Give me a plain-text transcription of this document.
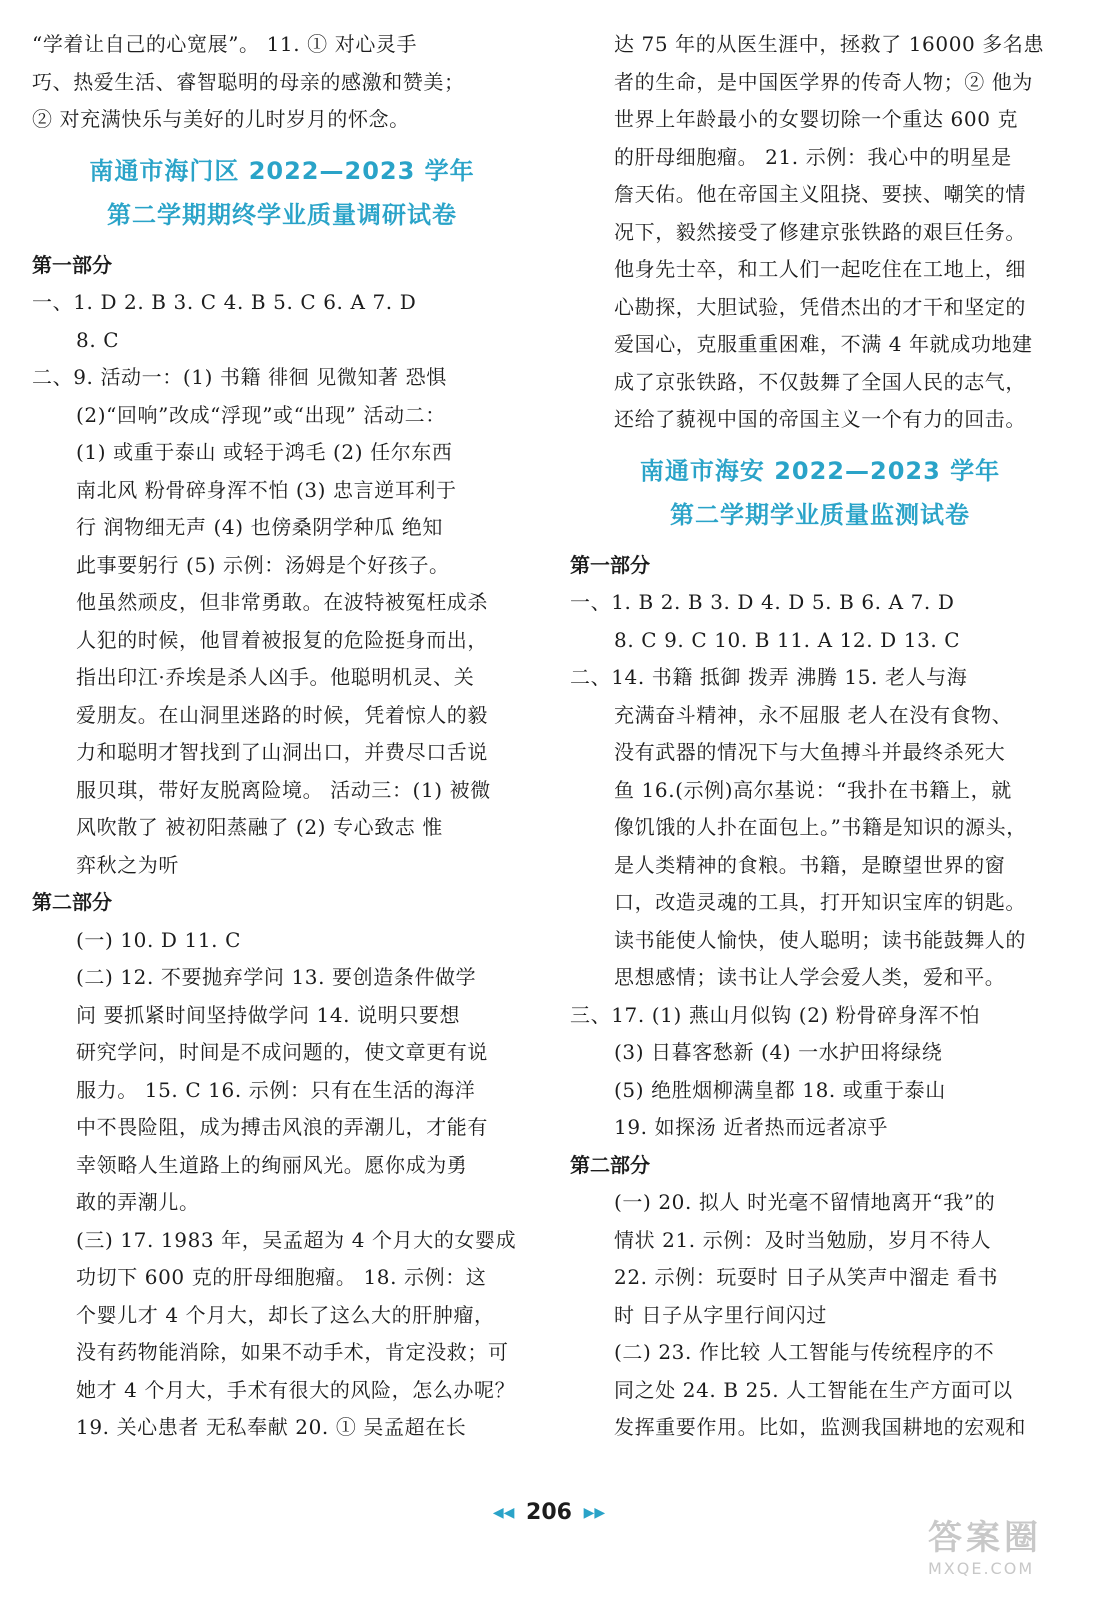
“学着让自己的心宽展”。 11. ① 对心灵手
巧、热爱生活、睿智聪明的母亲的感激和赞美；
② 对充满快乐与美好的儿时岁月的怀念。
南通市海门区 2022—2023 学年
第二学期期终学业质量调研试卷
第一部分
一、1. D 2. B 3. C 4. B 5. C 6. A 7. D
8. C
二、9. 活动一：(1) 书籍 徘徊 见微知著 恐惧
(2)“回响”改成“浮现”或“出现” 活动二：
(1) 或重于泰山 或轻于鸿毛 (2) 任尔东西
南北风 粉骨碎身浑不怕 (3) 忠言逆耳利于
行 润物细无声 (4) 也傍桑阴学种瓜 绝知
此事要躬行 (5) 示例：汤姆是个好孩子。
他虽然顽皮，但非常勇敢。在波特被冤枉成杀
人犯的时候，他冒着被报复的危险挺身而出，
指出印江·乔埃是杀人凶手。他聪明机灵、关
爱朋友。在山洞里迷路的时候，凭着惊人的毅
力和聪明才智找到了山洞出口，并费尽口舌说
服贝琪，带好友脱离险境。 活动三：(1) 被微
风吹散了 被初阳蒸融了 (2) 专心致志 惟
弈秋之为听
第二部分
(一) 10. D 11. C
(二) 12. 不要抛弃学问 13. 要创造条件做学
问 要抓紧时间坚持做学问 14. 说明只要想
研究学问，时间是不成问题的，使文章更有说
服力。 15. C 16. 示例：只有在生活的海洋
中不畏险阻，成为搏击风浪的弄潮儿，才能有
幸领略人生道路上的绚丽风光。愿你成为勇
敢的弄潮儿。
(三) 17. 1983 年，吴孟超为 4 个月大的女婴成
功切下 600 克的肝母细胞瘤。 18. 示例：这
个婴儿才 4 个月大，却长了这么大的肝肿瘤，
没有药物能消除，如果不动手术，肯定没救；可
她才 4 个月大，手术有很大的风险，怎么办呢？
19. 关心患者 无私奉献 20. ① 吴孟超在长
达 75 年的从医生涯中，拯救了 16000 多名患
者的生命，是中国医学界的传奇人物；② 他为
世界上年龄最小的女婴切除一个重达 600 克
的肝母细胞瘤。 21. 示例：我心中的明星是
詹天佑。他在帝国主义阻挠、要挟、嘲笑的情
况下，毅然接受了修建京张铁路的艰巨任务。
他身先士卒，和工人们一起吃住在工地上，细
心勘探，大胆试验，凭借杰出的才干和坚定的
爱国心，克服重重困难，不满 4 年就成功地建
成了京张铁路，不仅鼓舞了全国人民的志气，
还给了藐视中国的帝国主义一个有力的回击。
南通市海安 2022—2023 学年
第二学期学业质量监测试卷
第一部分
一、1. B 2. B 3. D 4. D 5. B 6. A 7. D
8. C 9. C 10. B 11. A 12. D 13. C
二、14. 书籍 抵御 拨弄 沸腾 15. 老人与海
充满奋斗精神，永不屈服 老人在没有食物、
没有武器的情况下与大鱼搏斗并最终杀死大
鱼 16.(示例)高尔基说：“我扑在书籍上，就
像饥饿的人扑在面包上。”书籍是知识的源头，
是人类精神的食粮。书籍，是瞭望世界的窗
口，改造灵魂的工具，打开知识宝库的钥匙。
读书能使人愉快，使人聪明；读书能鼓舞人的
思想感情；读书让人学会爱人类，爱和平。
三、17. (1) 燕山月似钩 (2) 粉骨碎身浑不怕
(3) 日暮客愁新 (4) 一水护田将绿绕
(5) 绝胜烟柳满皇都 18. 或重于泰山
19. 如探汤 近者热而远者凉乎
第二部分
(一) 20. 拟人 时光毫不留情地离开“我”的
情状 21. 示例：及时当勉励，岁月不待人
22. 示例：玩耍时 日子从笑声中溜走 看书
时 日子从字里行间闪过
(二) 23. 作比较 人工智能与传统程序的不
同之处 24. B 25. 人工智能在生产方面可以
发挥重要作用。比如，监测我国耕地的宏观和
◀◀ 206 ▶▶
答案圈
MXQE.COM
